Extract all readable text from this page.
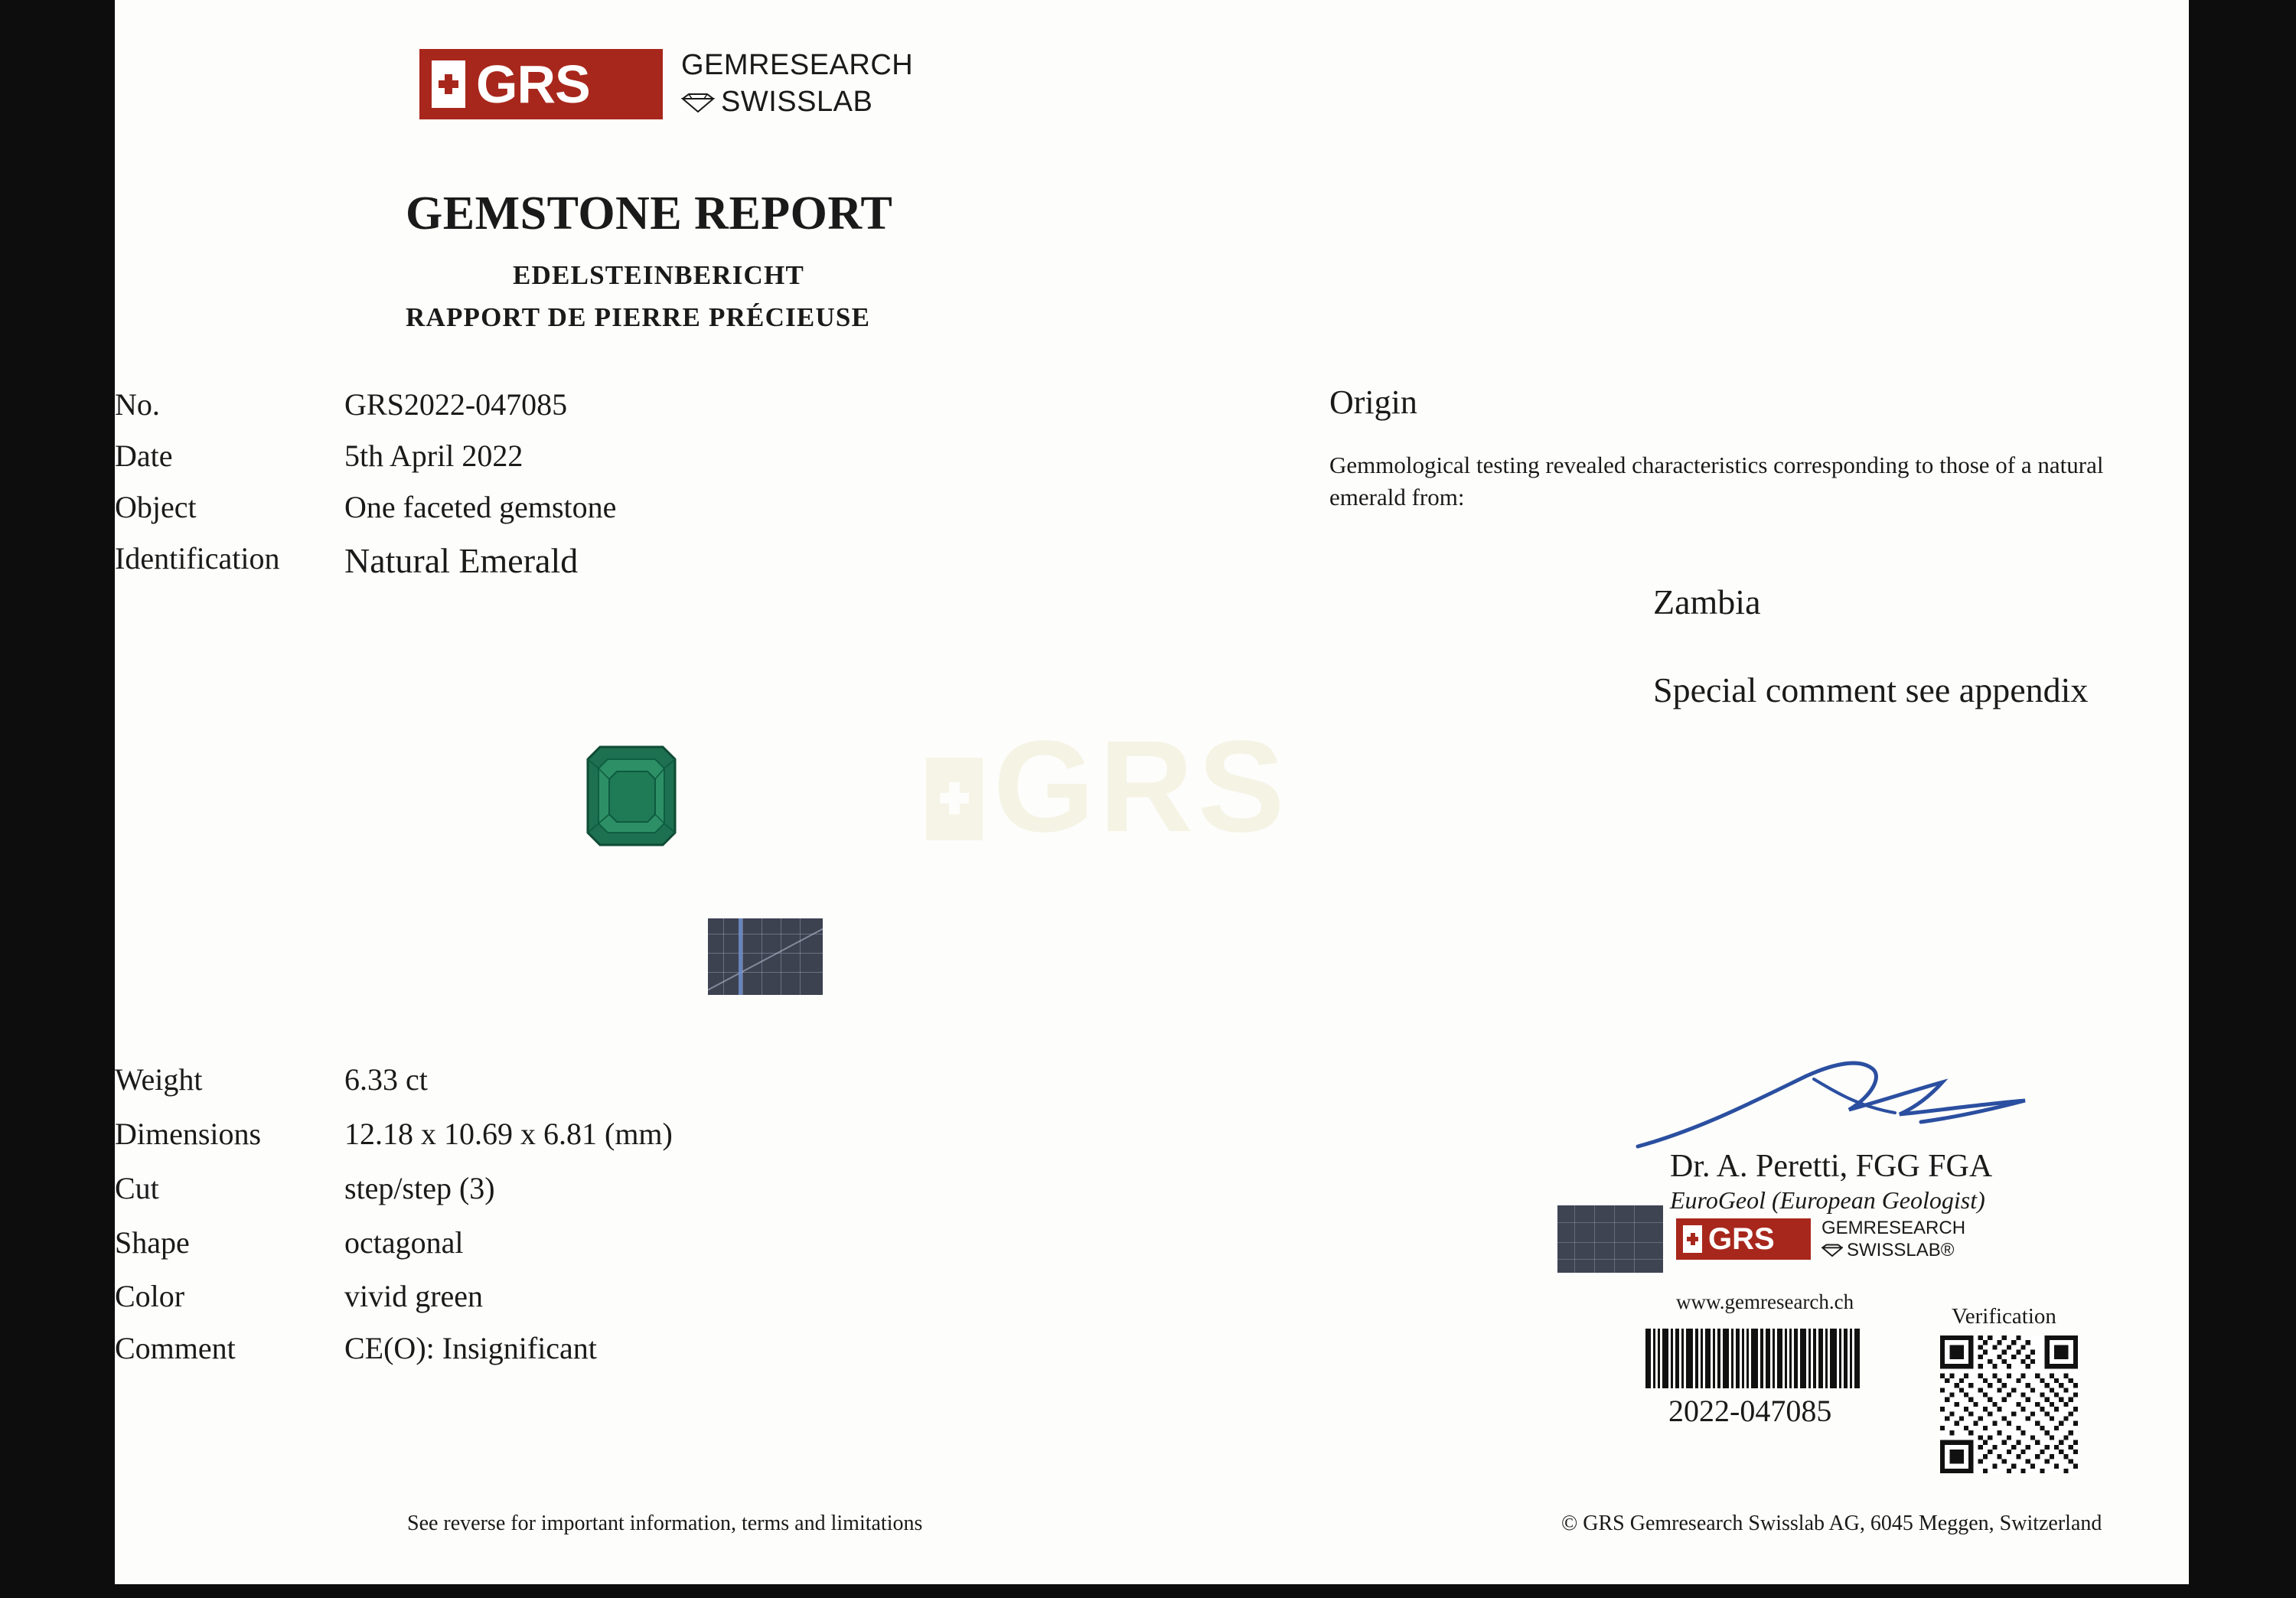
GRS
GRS	GEMRESEARCH
SWISSLAB
GEMSTONE REPORT
EDELSTEINBERICHT
RAPPORT DE PIERRE PRÉCIEUSE
No.	GRS2022-047085
Date	5th April 2022
Object	One faceted gemstone
Identification	Natural Emerald
Weight	6.33 ct
Dimensions	12.18 x 10.69 x 6.81 (mm)
Cut	step/step (3)
Shape	octagonal
Color	vivid green
Comment	CE(O): Insignificant
Origin
Gemmological testing revealed characteristics corresponding to those of a natural emerald from:
Zambia
Special comment see appendix
Dr. A. Peretti, FGG FGA
EuroGeol (European Geologist)
GRS	GEMRESEARCH
SWISSLAB®
www.gemresearch.ch
2022-047085
Verification
See reverse for important information, terms and limitations	© GRS Gemresearch Swisslab AG, 6045 Meggen, Switzerland
